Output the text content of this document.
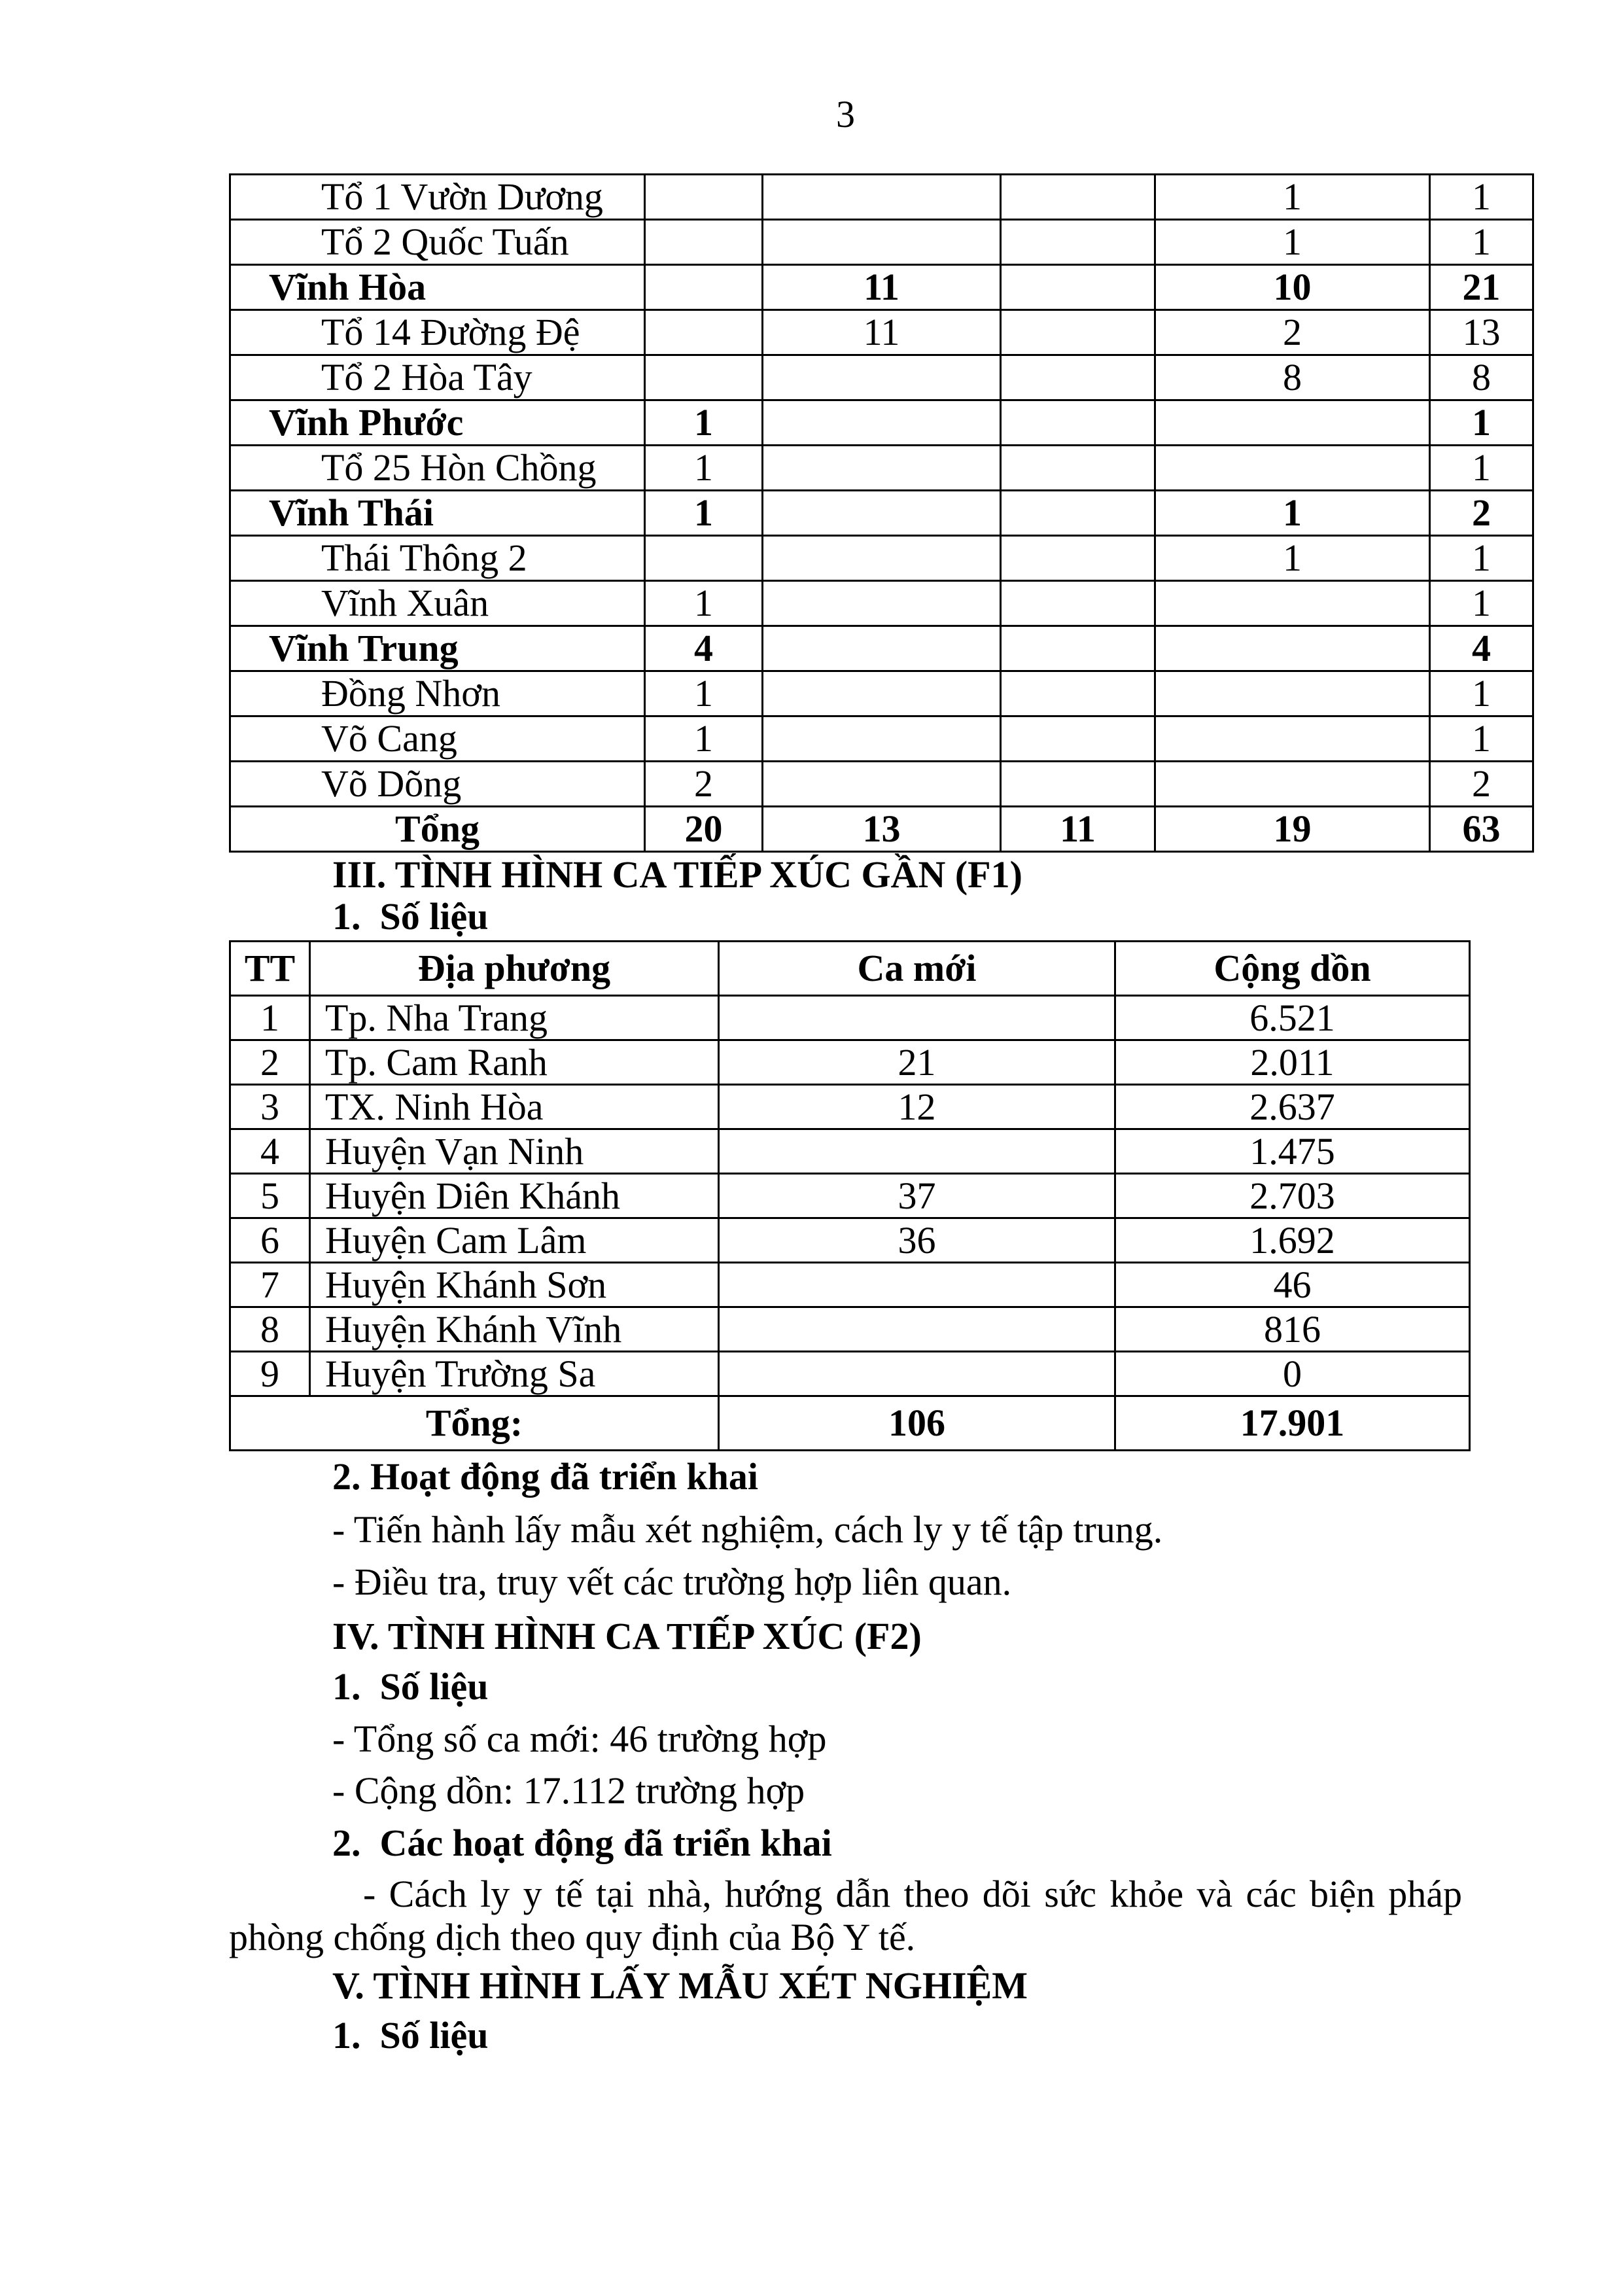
3
Tổ 1 Vườn Dương				1	1
Tổ 2 Quốc Tuấn				1	1
Vĩnh Hòa		11		10	21
Tổ 14 Đường Đệ		11		2	13
Tổ 2 Hòa Tây				8	8
Vĩnh Phước	1				1
Tổ 25 Hòn Chồng	1				1
Vĩnh Thái	1			1	2
Thái Thông 2				1	1
Vĩnh Xuân	1				1
Vĩnh Trung	4				4
Đồng Nhơn	1				1
Võ Cang	1				1
Võ Dõng	2				2
Tổng	20	13	11	19	63
III. TÌNH HÌNH CA TIẾP XÚC GẦN (F1)
1.  Số liệu
TT	Địa phương	Ca mới	Cộng dồn
1	Tp. Nha Trang		6.521
2	Tp. Cam Ranh	21	2.011
3	TX. Ninh Hòa	12	2.637
4	Huyện Vạn Ninh		1.475
5	Huyện Diên Khánh	37	2.703
6	Huyện Cam Lâm	36	1.692
7	Huyện Khánh Sơn		46
8	Huyện Khánh Vĩnh		816
9	Huyện Trường Sa		0
Tổng:		106	17.901
2. Hoạt động đã triển khai
- Tiến hành lấy mẫu xét nghiệm, cách ly y tế tập trung.
- Điều tra, truy vết các trường hợp liên quan.
IV. TÌNH HÌNH CA TIẾP XÚC (F2)
1.  Số liệu
- Tổng số ca mới: 46 trường hợp
- Cộng dồn: 17.112 trường hợp
2.  Các hoạt động đã triển khai
- Cách ly y tế tại nhà, hướng dẫn theo dõi sức khỏe và các biện pháp phòng chống dịch theo quy định của Bộ Y tế.
V. TÌNH HÌNH LẤY MẪU XÉT NGHIỆM
1.  Số liệu
